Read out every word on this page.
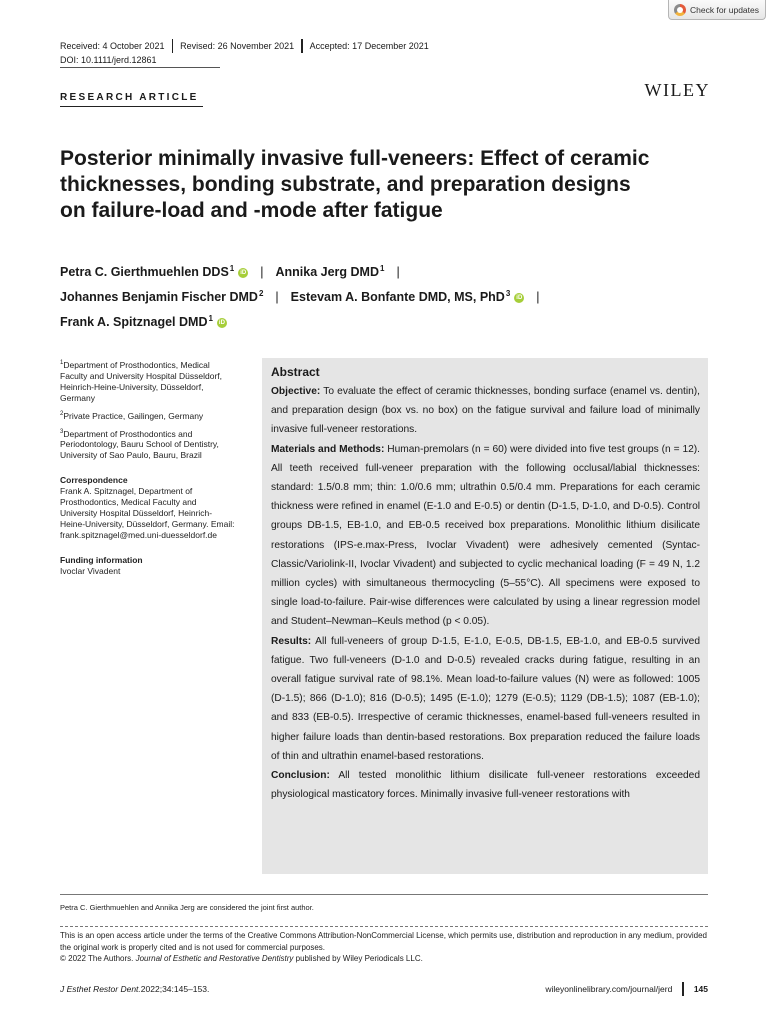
Check for updates
Received: 4 October 2021 Revised: 26 November 2021 Accepted: 17 December 2021
DOI: 10.1111/jerd.12861
RESEARCH ARTICLE	WILEY
Posterior minimally invasive full-veneers: Effect of ceramic
thicknesses, bonding substrate, and preparation designs
on failure-load and -mode after fatigue
Petra C. Gierthmuehlen DDS$^1$	iD | Annika Jerg DMD$^1$ |
Johannes Benjamin Fischer DMD$^2$ | Estevam A. Bonfante DMD, MS, PhD$^3$	iD |
Frank A. Spitznagel DMD$^1$	iD
$^1$Department of Prosthodontics, Medical Faculty and University Hospital Düsseldorf, Heinrich-Heine-University, Düsseldorf, Germany
$^2$Private Practice, Gailingen, Germany
$^3$Department of Prosthodontics and Periodontology, Bauru School of Dentistry, University of Sao Paulo, Bauru, Brazil
Correspondence
Frank A. Spitznagel, Department of Prosthodontics, Medical Faculty and University Hospital Düsseldorf, Heinrich-Heine-University, Düsseldorf, Germany. Email: frank.spitznagel@med.uni-duesseldorf.de
Funding information
Ivoclar Vivadent
Abstract
Objective: To evaluate the effect of ceramic thicknesses, bonding surface (enamel vs. dentin), and preparation design (box vs. no box) on the fatigue survival and failure load of minimally invasive full-veneer restorations.
Materials and Methods: Human-premolars (n = 60) were divided into five test groups (n = 12). All teeth received full-veneer preparation with the following occlusal/labial thicknesses: standard: 1.5/0.8 mm; thin: 1.0/0.6 mm; ultrathin 0.5/0.4 mm. Preparations for each ceramic thickness were refined in enamel (E-1.0 and E-0.5) or dentin (D-1.5, D-1.0, and D-0.5). Control groups DB-1.5, EB-1.0, and EB-0.5 received box preparations. Monolithic lithium disilicate restorations (IPS-e.max-Press, Ivoclar Vivadent) were adhesively cemented (Syntac-Classic/Variolink-II, Ivoclar Vivadent) and subjected to cyclic mechanical loading (F = 49 N, 1.2 million cycles) with simultaneous thermocycling (5–55°C). All specimens were exposed to single load-to-failure. Pair-wise differences were calculated by using a linear regression model and Student–Newman–Keuls method (p < 0.05).
Results: All full-veneers of group D-1.5, E-1.0, E-0.5, DB-1.5, EB-1.0, and EB-0.5 survived fatigue. Two full-veneers (D-1.0 and D-0.5) revealed cracks during fatigue, resulting in an overall fatigue survival rate of 98.1%. Mean load-to-failure values (N) were as followed: 1005 (D-1.5); 866 (D-1.0); 816 (D-0.5); 1495 (E-1.0); 1279 (E-0.5); 1129 (DB-1.5); 1087 (EB-1.0); and 833 (EB-0.5). Irrespective of ceramic thicknesses, enamel-based full-veneers resulted in higher failure loads than dentin-based restorations. Box preparation reduced the failure loads of thin and ultrathin enamel-based restorations.
Conclusion: All tested monolithic lithium disilicate full-veneer restorations exceeded physiological masticatory forces. Minimally invasive full-veneer restorations with
Petra C. Gierthmuehlen and Annika Jerg are considered the joint first author.
This is an open access article under the terms of the Creative Commons Attribution-NonCommercial License, which permits use, distribution and reproduction in any medium, provided the original work is properly cited and is not used for commercial purposes.
© 2022 The Authors. Journal of Esthetic and Restorative Dentistry published by Wiley Periodicals LLC.
J Esthet Restor Dent. 2022;34:145–153.	wileyonlinelibrary.com/journal/jerd	145
